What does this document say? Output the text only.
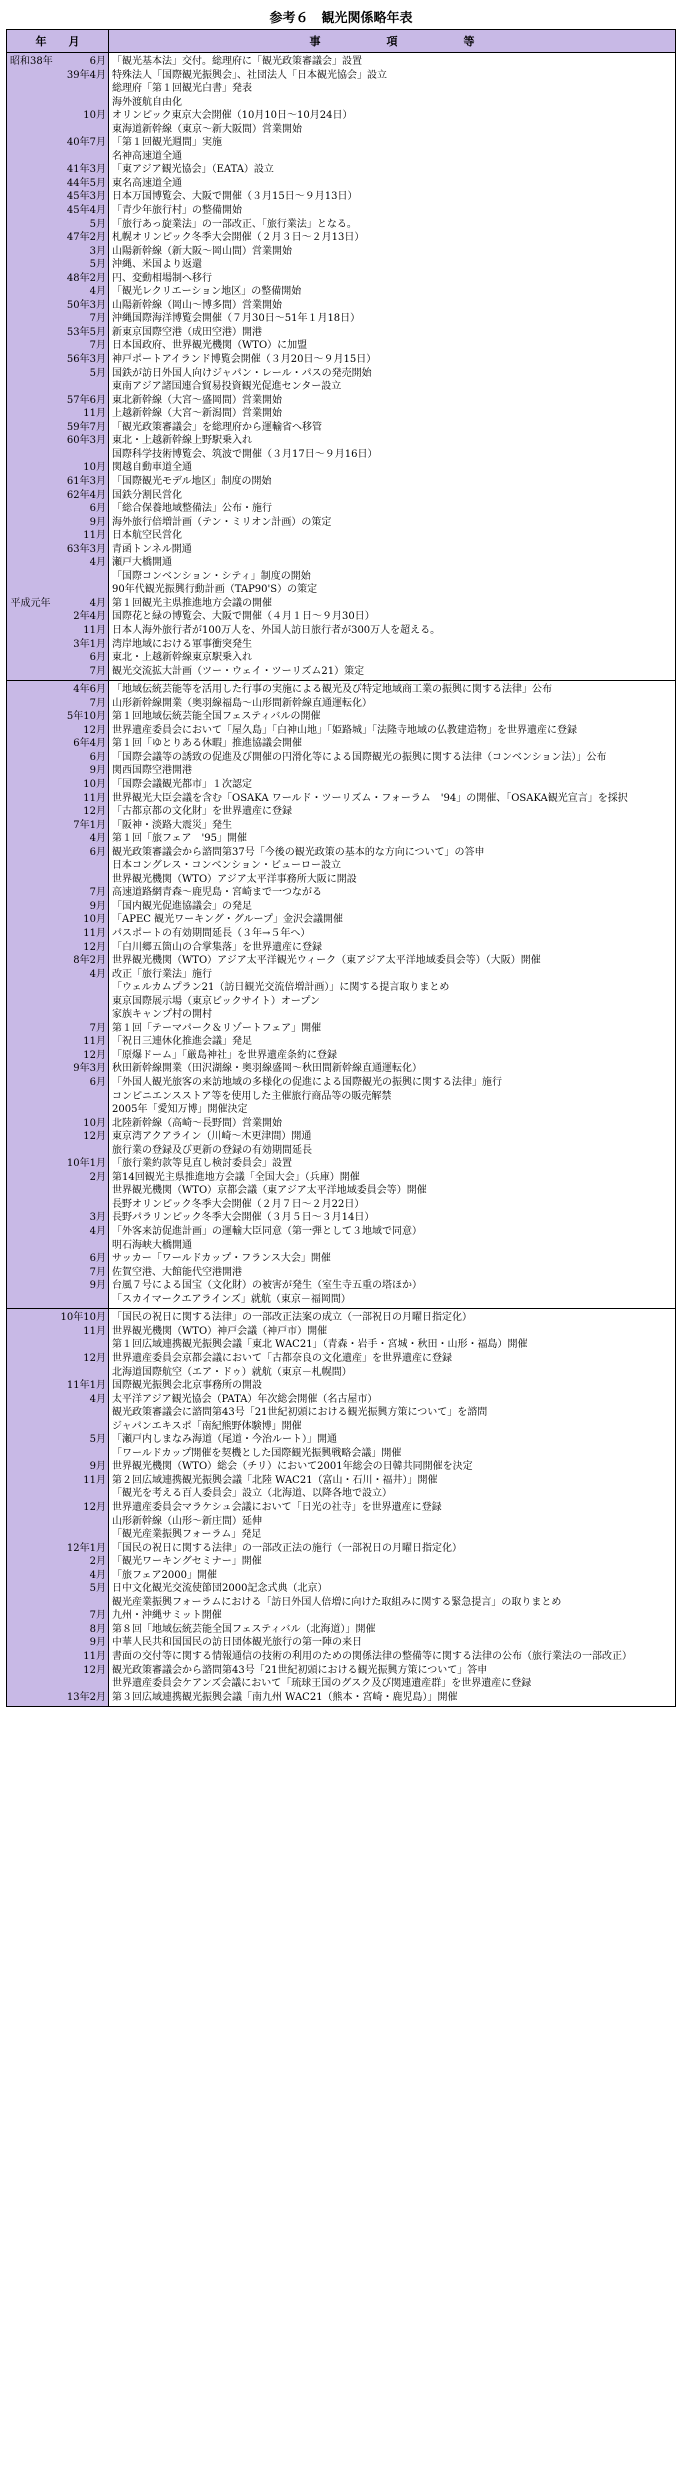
参考６　観光関係略年表
年　　月		事　　　　　　項　　　　　　等
昭和38年	6月	「観光基本法」交付。総理府に「観光政策審議会」設置
	39年4月	特殊法人「国際観光振興会」、社団法人「日本観光協会」設立
		総理府「第１回観光白書」発表
		海外渡航自由化
	10月	オリンピック東京大会開催（10月10日～10月24日）
		東海道新幹線（東京～新大阪間）営業開始
	40年7月	「第１回観光週間」実施
		名神高速道全通
	41年3月	「東アジア観光協会」（EATA）設立
	44年5月	東名高速道全通
	45年3月	日本万国博覧会、大阪で開催（３月15日～９月13日）
	45年4月	「青少年旅行村」の整備開始
	5月	「旅行あっ旋業法」の一部改正、「旅行業法」となる。
	47年2月	札幌オリンピック冬季大会開催（２月３日～２月13日）
	3月	山陽新幹線（新大阪～岡山間）営業開始
	5月	沖縄、米国より返還
	48年2月	円、変動相場制へ移行
	4月	「観光レクリエーション地区」の整備開始
	50年3月	山陽新幹線（岡山～博多間）営業開始
	7月	沖縄国際海洋博覧会開催（７月30日～51年１月18日）
	53年5月	新東京国際空港（成田空港）開港
	7月	日本国政府、世界観光機関（WTO）に加盟
	56年3月	神戸ポートアイランド博覧会開催（３月20日～９月15日）
	5月	国鉄が訪日外国人向けジャパン・レール・パスの発売開始
		東南アジア諸国連合貿易投資観光促進センター設立
	57年6月	東北新幹線（大宮～盛岡間）営業開始
	11月	上越新幹線（大宮～新潟間）営業開始
	59年7月	「観光政策審議会」を総理府から運輸省へ移管
	60年3月	東北・上越新幹線上野駅乗入れ
		国際科学技術博覧会、筑波で開催（３月17日～９月16日）
	10月	関越自動車道全通
	61年3月	「国際観光モデル地区」制度の開始
	62年4月	国鉄分割民営化
	6月	「総合保養地域整備法」公布・施行
	9月	海外旅行倍増計画（テン・ミリオン計画）の策定
	11月	日本航空民営化
	63年3月	青函トンネル開通
	4月	瀬戸大橋開通
		「国際コンベンション・シティ」制度の開始
		90年代観光振興行動計画（TAP90'S）の策定
平成元年	4月	第１回観光主県推進地方会議の開催
	2年4月	国際花と緑の博覧会、大阪で開催（４月１日～９月30日）
	11月	日本人海外旅行者が100万人を、外国人訪日旅行者が300万人を超える。
	3年1月	湾岸地域における軍事衝突発生
	6月	東北・上越新幹線東京駅乗入れ
	7月	観光交流拡大計画（ツー・ウェイ・ツーリズム21）策定
	4年6月	「地域伝統芸能等を活用した行事の実施による観光及び特定地域商工業の振興に関する法律」公布
	7月	山形新幹線開業（奥羽線福島～山形間新幹線直通運転化）
	5年10月	第１回地域伝統芸能全国フェスティバルの開催
	12月	世界遺産委員会において「屋久島」「白神山地」「姫路城」「法隆寺地域の仏教建造物」を世界遺産に登録
	6年4月	第１回「ゆとりある休暇」推進協議会開催
	6月	「国際会議等の誘致の促進及び開催の円滑化等による国際観光の振興に関する法律（コンベンション法）」公布
	9月	関西国際空港開港
	10月	「国際会議観光都市」１次認定
	11月	世界観光大臣会議を含む「OSAKA ワールド・ツーリズム・フォーラム　'94」の開催、「OSAKA観光宣言」を採択
	12月	「古都京都の文化財」を世界遺産に登録
	7年1月	「阪神・淡路大震災」発生
	4月	第１回「旅フェア　'95」開催
	6月	観光政策審議会から諮問第37号「今後の観光政策の基本的な方向について」の答申
		日本コングレス・コンベンション・ビューロー設立
		世界観光機関（WTO）アジア太平洋事務所大阪に開設
	7月	高速道路網青森～鹿児島・宮崎まで一つながる
	9月	「国内観光促進協議会」の発足
	10月	「APEC 観光ワーキング・グループ」金沢会議開催
	11月	パスポートの有効期間延長（３年→５年へ）
	12月	「白川郷五箇山の合掌集落」を世界遺産に登録
	8年2月	世界観光機関（WTO）アジア太平洋観光ウィーク（東アジア太平洋地域委員会等）（大阪）開催
	4月	改正「旅行業法」施行
		「ウェルカムプラン21（訪日観光交流倍増計画）」に関する提言取りまとめ
		東京国際展示場（東京ビックサイト）オープン
		家族キャンプ村の開村
	7月	第１回「テーマパーク＆リゾートフェア」開催
	11月	「祝日三連休化推進会議」発足
	12月	「原爆ドーム」「厳島神社」を世界遺産条約に登録
	9年3月	秋田新幹線開業（田沢湖線・奥羽線盛岡～秋田間新幹線直通運転化）
	6月	「外国人観光旅客の来訪地域の多様化の促進による国際観光の振興に関する法律」施行
		コンピニエンスストア等を使用した主催旅行商品等の販売解禁
		2005年「愛知万博」開催決定
	10月	北陸新幹線（高崎～長野間）営業開始
	12月	東京湾アクアライン（川崎～木更津間）開通
		旅行業の登録及び更新の登録の有効期間延長
	10年1月	「旅行業約款等見直し検討委員会」設置
	2月	第14回観光主県推進地方会議「全国大会」（兵庫）開催
		世界観光機関（WTO）京都会議（東アジア太平洋地域委員会等）開催
		長野オリンピック冬季大会開催（２月７日～２月22日）
	3月	長野パラリンピック冬季大会開催（３月５日～３月14日）
	4月	「外客来訪促進計画」の運輸大臣同意（第一弾として３地域で同意）
		明石海峡大橋開通
	6月	サッカー「ワールドカップ・フランス大会」開催
	7月	佐賀空港、大館能代空港開港
	9月	台風７号による国宝（文化財）の被害が発生（室生寺五重の塔ほか）
		「スカイマークエアラインズ」就航（東京－福岡間）
	10年10月	「国民の祝日に関する法律」の一部改正法案の成立（一部祝日の月曜日指定化）
	11月	世界観光機関（WTO）神戸会議（神戸市）開催
		第１回広域連携観光振興会議「東北 WAC21」（青森・岩手・宮城・秋田・山形・福島）開催
	12月	世界遺産委員会京都会議において「古都奈良の文化遺産」を世界遺産に登録
		北海道国際航空（エア・ドゥ）就航（東京－札幌間）
	11年1月	国際観光振興会北京事務所の開設
	4月	太平洋アジア観光協会（PATA）年次総会開催（名古屋市）
		観光政策審議会に諮問第43号「21世紀初頭における観光振興方策について」を諮問
		ジャパンエキスポ「南紀熊野体験博」開催
	5月	「瀬戸内しまなみ海道（尾道・今治ルート）」開通
		「ワールドカップ開催を契機とした国際観光振興戦略会議」開催
	9月	世界観光機関（WTO）総会（チリ）において2001年総会の日韓共同開催を決定
	11月	第２回広域連携観光振興会議「北陸 WAC21（富山・石川・福井）」開催
		「観光を考える百人委員会」設立（北海道、以降各地で設立）
	12月	世界遺産委員会マラケシュ会議において「日光の社寺」を世界遺産に登録
		山形新幹線（山形～新庄間）延伸
		「観光産業振興フォーラム」発足
	12年1月	「国民の祝日に関する法律」の一部改正法の施行（一部祝日の月曜日指定化）
	2月	「観光ワーキングセミナー」開催
	4月	「旅フェア2000」開催
	5月	日中文化観光交流使節団2000記念式典（北京）
		観光産業振興フォーラムにおける「訪日外国人倍増に向けた取組みに関する緊急提言」の取りまとめ
	7月	九州・沖縄サミット開催
	8月	第８回「地域伝統芸能全国フェスティバル（北海道）」開催
	9月	中華人民共和国国民の訪日団体観光旅行の第一陣の来日
	11月	書面の交付等に関する情報通信の技術の利用のための関係法律の整備等に関する法律の公布（旅行業法の一部改正）
	12月	観光政策審議会から諮問第43号「21世紀初頭における観光振興方策について」答申
		世界遺産委員会ケアンズ会議において「琉球王国のグスク及び関連遺産群」を世界遺産に登録
	13年2月	第３回広域連携観光振興会議「南九州 WAC21（熊本・宮崎・鹿児島）」開催
